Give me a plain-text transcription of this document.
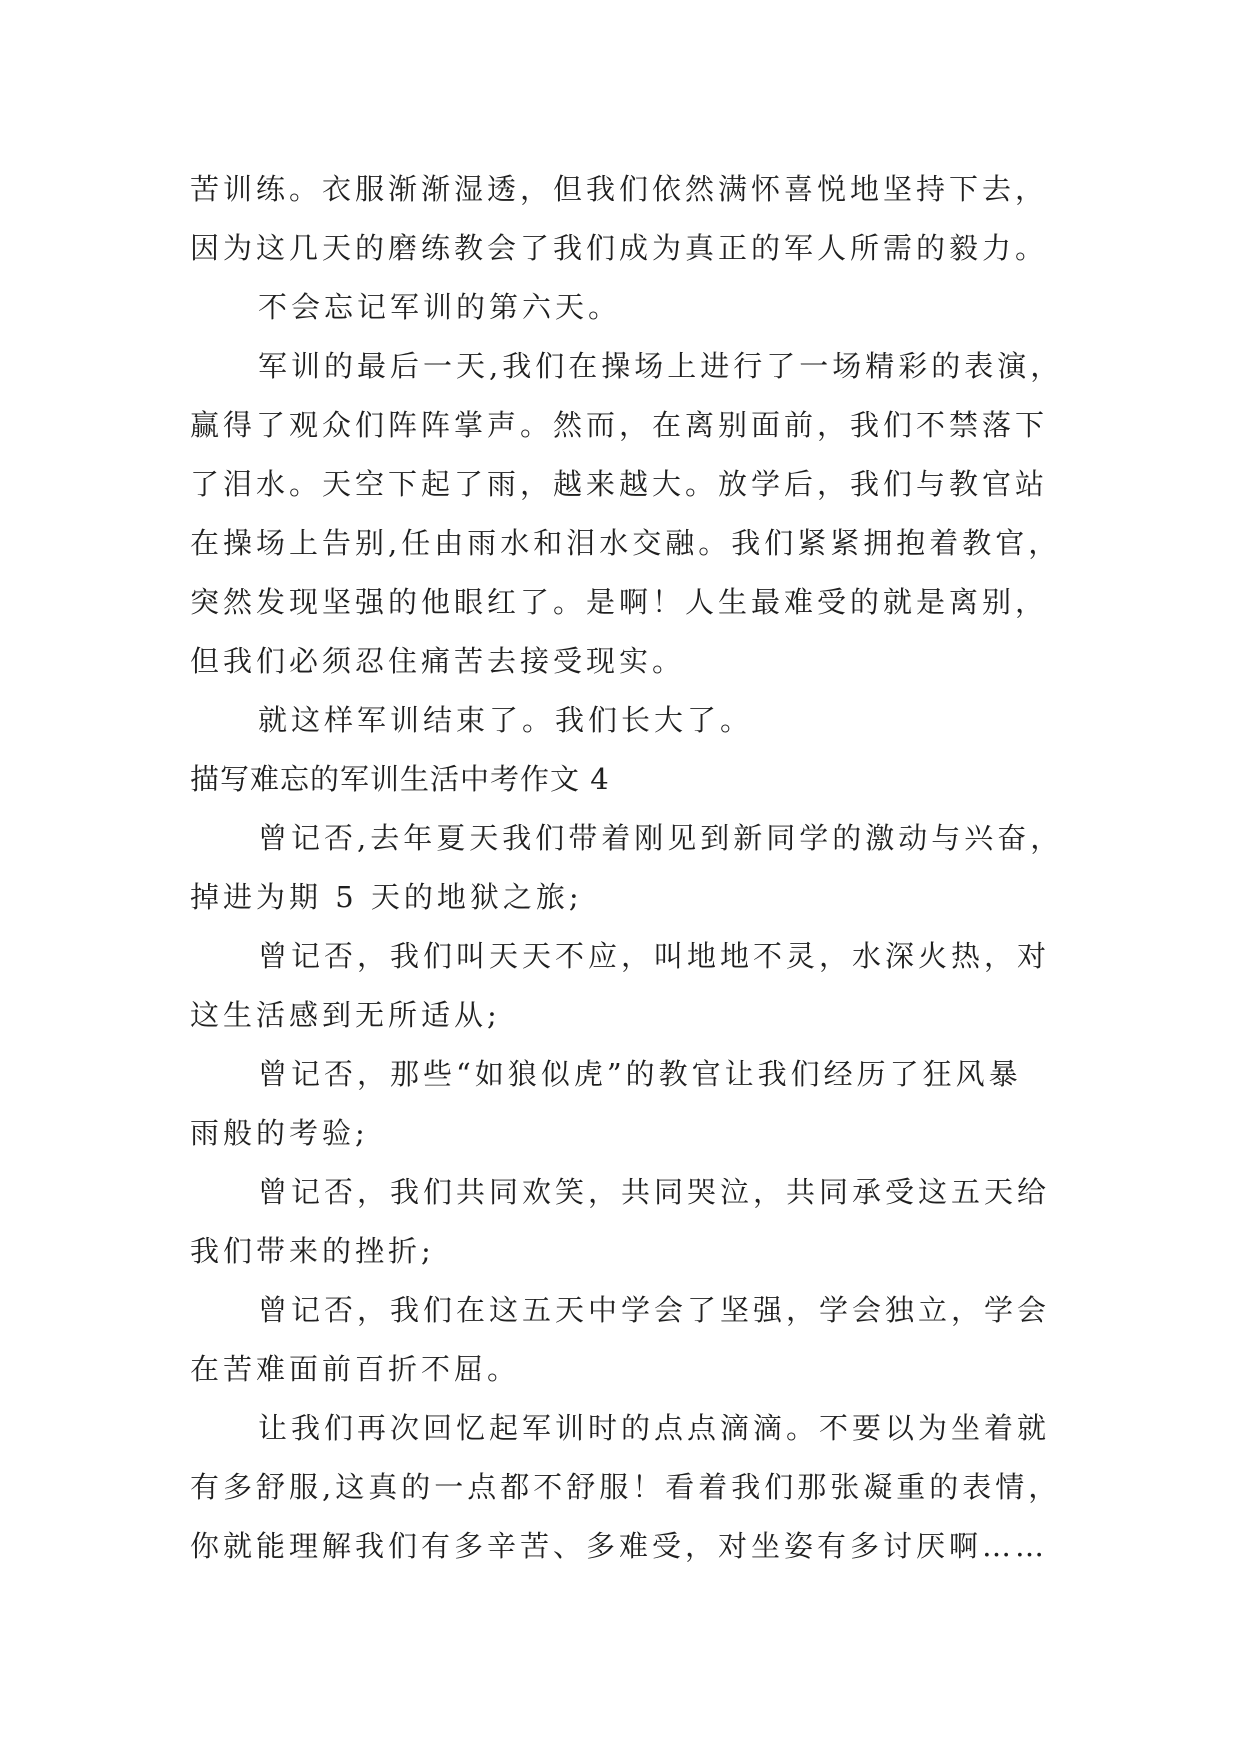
苦训练。衣服渐渐湿透，但我们依然满怀喜悦地坚持下去，
因为这几天的磨练教会了我们成为真正的军人所需的毅力。
不会忘记军训的第六天。
军训的最后一天,我们在操场上进行了一场精彩的表演，
赢得了观众们阵阵掌声。然而，在离别面前，我们不禁落下
了泪水。天空下起了雨，越来越大。放学后，我们与教官站
在操场上告别,任由雨水和泪水交融。我们紧紧拥抱着教官，
突然发现坚强的他眼红了。是啊！人生最难受的就是离别，
但我们必须忍住痛苦去接受现实。
就这样军训结束了。我们长大了。
描写难忘的军训生活中考作文 4
曾记否,去年夏天我们带着刚见到新同学的激动与兴奋，
掉进为期 5 天的地狱之旅;
曾记否，我们叫天天不应，叫地地不灵，水深火热，对
这生活感到无所适从;
曾记否，那些“如狼似虎”的教官让我们经历了狂风暴
雨般的考验;
曾记否，我们共同欢笑，共同哭泣，共同承受这五天给
我们带来的挫折;
曾记否，我们在这五天中学会了坚强，学会独立，学会
在苦难面前百折不屈。
让我们再次回忆起军训时的点点滴滴。不要以为坐着就
有多舒服,这真的一点都不舒服！看着我们那张凝重的表情，
你就能理解我们有多辛苦、多难受，对坐姿有多讨厌啊……
